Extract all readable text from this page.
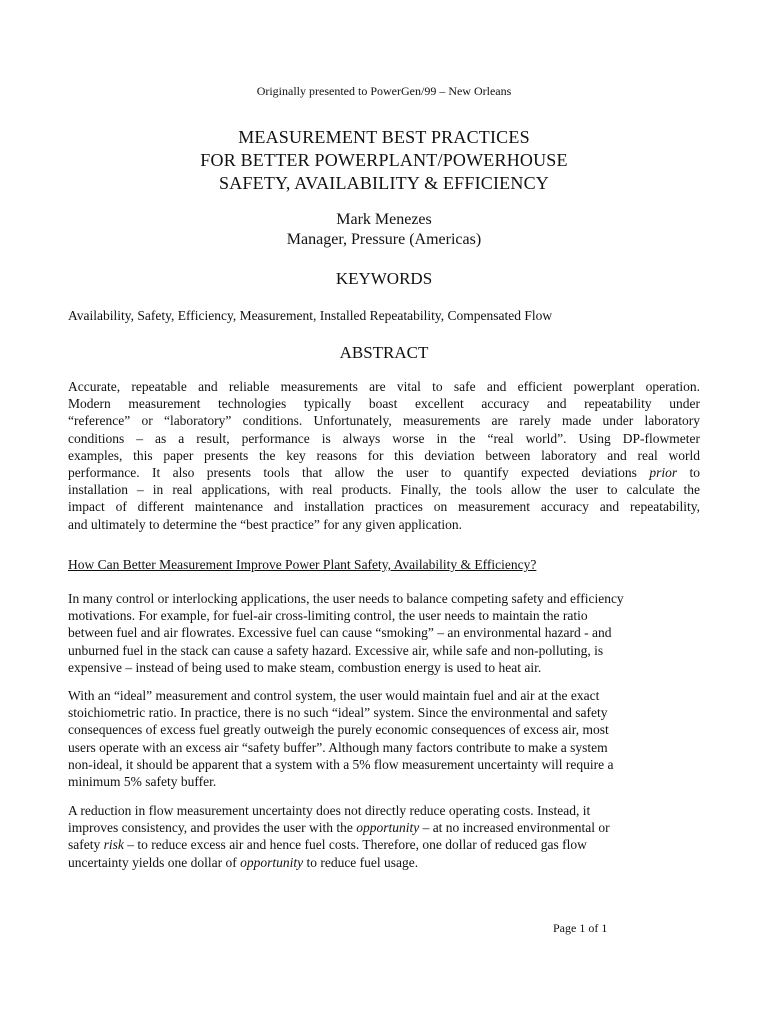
Originally presented to PowerGen/99 – New Orleans
MEASUREMENT BEST PRACTICES
FOR BETTER POWERPLANT/POWERHOUSE
SAFETY, AVAILABILITY & EFFICIENCY
Mark Menezes
Manager, Pressure (Americas)
KEYWORDS
Availability, Safety, Efficiency, Measurement, Installed Repeatability, Compensated Flow
ABSTRACT
Accurate, repeatable and reliable measurements are vital to safe and efficient powerplant operation.
Modern measurement technologies typically boast excellent accuracy and repeatability under
“reference” or “laboratory” conditions. Unfortunately, measurements are rarely made under laboratory
conditions – as a result, performance is always worse in the “real world”. Using DP-flowmeter
examples, this paper presents the key reasons for this deviation between laboratory and real world
performance. It also presents tools that allow the user to quantify expected deviations prior to
installation – in real applications, with real products. Finally, the tools allow the user to calculate the
impact of different maintenance and installation practices on measurement accuracy and repeatability,
and ultimately to determine the “best practice” for any given application.
How Can Better Measurement Improve Power Plant Safety, Availability & Efficiency?
In many control or interlocking applications, the user needs to balance competing safety and efficiency
motivations. For example, for fuel-air cross-limiting control, the user needs to maintain the ratio
between fuel and air flowrates. Excessive fuel can cause “smoking” – an environmental hazard - and
unburned fuel in the stack can cause a safety hazard. Excessive air, while safe and non-polluting, is
expensive – instead of being used to make steam, combustion energy is used to heat air.
With an “ideal” measurement and control system, the user would maintain fuel and air at the exact
stoichiometric ratio. In practice, there is no such “ideal” system. Since the environmental and safety
consequences of excess fuel greatly outweigh the purely economic consequences of excess air, most
users operate with an excess air “safety buffer”. Although many factors contribute to make a system
non-ideal, it should be apparent that a system with a 5% flow measurement uncertainty will require a
minimum 5% safety buffer.
A reduction in flow measurement uncertainty does not directly reduce operating costs. Instead, it
improves consistency, and provides the user with the opportunity – at no increased environmental or
safety risk – to reduce excess air and hence fuel costs. Therefore, one dollar of reduced gas flow
uncertainty yields one dollar of opportunity to reduce fuel usage.
Page 1 of 1
